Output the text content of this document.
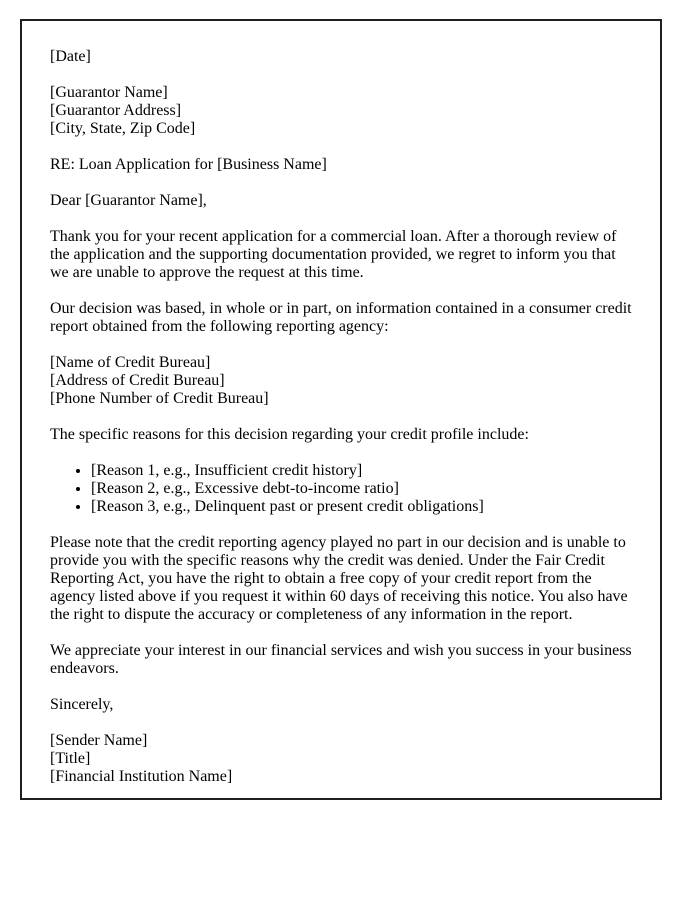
[Date]
[Guarantor Name]
[Guarantor Address]
[City, State, Zip Code]
RE: Loan Application for [Business Name]
Dear [Guarantor Name],
Thank you for your recent application for a commercial loan. After a thorough review of the application and the supporting documentation provided, we regret to inform you that we are unable to approve the request at this time.
Our decision was based, in whole or in part, on information contained in a consumer credit report obtained from the following reporting agency:
[Name of Credit Bureau]
[Address of Credit Bureau]
[Phone Number of Credit Bureau]
The specific reasons for this decision regarding your credit profile include:
• [Reason 1, e.g., Insufficient credit history]
• [Reason 2, e.g., Excessive debt-to-income ratio]
• [Reason 3, e.g., Delinquent past or present credit obligations]
Please note that the credit reporting agency played no part in our decision and is unable to provide you with the specific reasons why the credit was denied. Under the Fair Credit Reporting Act, you have the right to obtain a free copy of your credit report from the agency listed above if you request it within 60 days of receiving this notice. You also have the right to dispute the accuracy or completeness of any information in the report.
We appreciate your interest in our financial services and wish you success in your business endeavors.
Sincerely,
[Sender Name]
[Title]
[Financial Institution Name]
